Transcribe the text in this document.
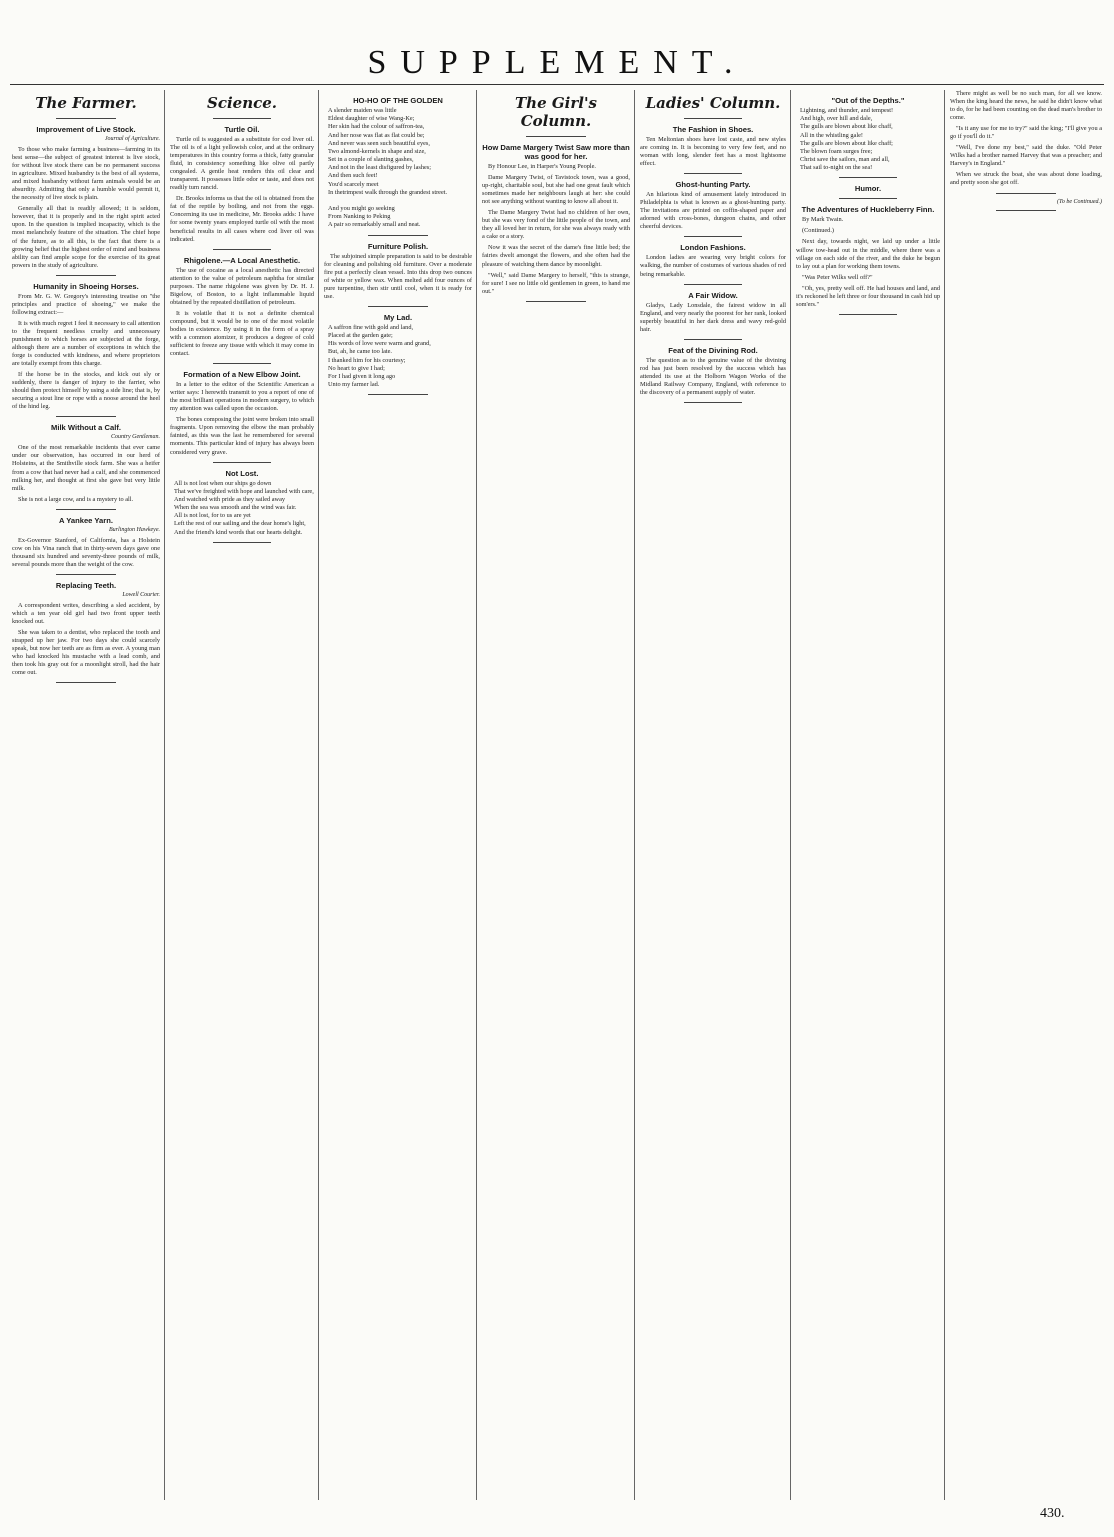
SUPPLEMENT.
The Farmer.
Improvement of Live Stock.
Journal of Agriculture.

To those who make farming a business—farming in its best sense—the subject of greatest interest is live stock, for without live stock there can be no permanent success in agriculture. Mixed husbandry is the best of all systems, and mixed husbandry without farm animals would be an absurdity. Admitting that only a humble would permit it, the necessity of live stock is plain.

Generally all that is readily allowed; it is seldom, however, that it is properly and in the right spirit acted upon. In the question is implied incapacity, which is the most melancholy feature of the situation. The chief hope of the future, as to all this, is the fact that there is a growing belief that the highest order of mind and business ability can find ample scope for the exercise of its great powers in the study of agriculture.

Humanity in Shoeing Horses.

From Mr. G. W. Gregory's interesting treatise on "the principles and practice of shoeing," we make the following extract:—

It is with much regret I feel it necessary to call attention to the frequent needless cruelty and unnecessary punishment to which horses are subjected at the forge, although there are a number of exceptions in which the forge is conducted with kindness, and where proprietors are totally exempt from this charge.

If the horse be in the stocks, and kick out sly or suddenly, there is danger of injury to the farrier, who should then protect himself by using a side line; that is, by securing a stout line or rope with a noose around the heel of the hind leg.

Milk Without a Calf.
Country Gentleman.

One of the most remarkable incidents that ever came under our observation, has occurred in our herd of Holsteins, at the Smithville stock farm. She was a heifer from a cow that had never had a calf, and she commenced milking her, and thought at first she gave but very little milk.

She is not a large cow, and is a mystery to all.

A Yankee Yarn.
Burlington Hawkeye.

Ex-Governor Stanford, of California, has a Holstein cow on his Vina ranch that in thirty-seven days gave one thousand six hundred and seventy-three pounds of milk, several pounds more than the weight of the cow.

Replacing Teeth.
Lowell Courier.

A correspondent writes, describing a sled accident, by which a ten year old girl had two front upper teeth knocked out.

She was taken to a dentist, who replaced the tooth and strapped up her jaw. For two days she could scarcely speak, but now her teeth are as firm as ever. A young man who had knocked his mustache with a lead comb, and then took his gray out for a moonlight stroll, had the hair come out.

Science.
Turtle Oil.

Turtle oil is suggested as a substitute for cod liver oil. The oil is of a light yellowish color, and at the ordinary temperatures in this country forms a thick, fatty granular fluid, in consistency something like olive oil partly congealed. A gentle heat renders this oil clear and transparent. It possesses little odor or taste, and does not readily turn rancid.

Dr. Brooks informs us that the oil is obtained from the fat of the reptile by boiling, and not from the eggs. Concerning its use in medicine, Mr. Brooks adds: I have for some twenty years employed turtle oil with the most beneficial results in all cases where cod liver oil was indicated.

Rhigolene.—A Local Anesthetic.

The use of cocaine as a local anesthetic has directed attention to the value of petroleum naphtha for similar purposes. The name rhigolene was given by Dr. H. J. Bigelow, of Boston, to a light inflammable liquid obtained by the repeated distillation of petroleum.

It is volatile that it is not a definite chemical compound, but it would be to one of the most volatile bodies in existence. By using it in the form of a spray with a common atomizer, it produces a degree of cold sufficient to freeze any tissue with which it may come in contact.

Formation of a New Elbow Joint.

In a letter to the editor of the Scientific American a writer says: I herewith transmit to you a report of one of the most brilliant operations in modern surgery, to which my attention was called upon the occasion.

The bones composing the joint were broken into small fragments. Upon removing the elbow the man probably fainted, as this was the last he remembered for several moments. This particular kind of injury has always been considered very grave.

Not Lost.
All is not lost when our ships go down
That we've freighted with hope and launched with care,
And watched with pride as they sailed away
When the sea was smooth and the wind was fair.
All is not lost, for to us are yet
Left the rest of our sailing and the dear home's light,
And the friend's kind words that our hearts delight.
HO-HO OF THE GOLDEN
A slender maiden was little
Eldest daughter of wise Wang-Ke;
Her skin had the colour of saffron-tea,
And her nose was flat as flat could be;
And never was seen such beautiful eyes,
Two almond-kernels in shape and size,
Set in a couple of slanting gashes,
And not in the least disfigured by lashes;
And then such feet!
You'd scarcely meet
In thetrimpest walk through the grandest street.

And you might go seeking
From Nanking to Peking
A pair so remarkably small and neat.
Furniture Polish.

The subjoined simple preparation is said to be desirable for cleaning and polishing old furniture. Over a moderate fire put a perfectly clean vessel. Into this drop two ounces of white or yellow wax. When melted add four ounces of pure turpentine, then stir until cool, when it is ready for use.

My Lad.
A saffron fine with gold and land,
Placed at the garden gate;
His words of love were warm and grand,
But, ah, he came too late.
I thanked him for his courtesy;
No heart to give I had;
For I had given it long ago
Unto my farmer lad.
The Girl's Column.
How Dame Margery Twist Saw more than was good for her.

By Honour Lee, in Harper's Young People.

Dame Margery Twist, of Tavistock town, was a good, up-right, charitable soul, but she had one great fault which sometimes made her neighbours laugh at her: she could not see anything without wanting to know all about it.

The Dame Margery Twist had no children of her own, but she was very fond of the little people of the town, and they all loved her in return, for she was always ready with a cake or a story.

Now it was the secret of the dame's fine little bed; the fairies dwelt amongst the flowers, and she often had the pleasure of watching them dance by moonlight.

"Well," said Dame Margery to herself, "this is strange, for sure! I see no little old gentlemen in green, to hand me out."

Ladies' Column.
The Fashion in Shoes.

Ten Meltonian shoes have lost caste, and new styles are coming in. It is becoming to very few feet, and no woman with long, slender feet has a most lightsome effect.

Ghost-hunting Party.

An hilarious kind of amusement lately introduced in Philadelphia is what is known as a ghost-hunting party. The invitations are printed on coffin-shaped paper and adorned with cross-bones, dungeon chains, and other cheerful devices.

London Fashions.

London ladies are wearing very bright colors for walking, the number of costumes of various shades of red being remarkable.

A Fair Widow.

Gladys, Lady Lonsdale, the fairest widow in all England, and very nearly the poorest for her rank, looked superbly beautiful in her dark dress and wavy red-gold hair.

Feat of the Divining Rod.

The question as to the genuine value of the divining rod has just been resolved by the success which has attended its use at the Holborn Wagon Works of the Midland Railway Company, England, with reference to the discovery of a permanent supply of water.

"Out of the Depths."
Lightning, and thunder, and tempest!
And high, over hill and dale,
The gulls are blown about like chaff,
All in the whistling gale!
The gulls are blown about like chaff;
The blown foam surges free;
Christ save the sailors, man and all,
That sail to-night on the sea!
Humor.
The Adventures of Huckleberry Finn.

By Mark Twain.

(Continued.)

Next day, towards night, we laid up under a little willow tow-head out in the middle, where there was a village on each side of the river, and the duke he begun to lay out a plan for working them towns.

"Was Peter Wilks well off?"

"Oh, yes, pretty well off. He had houses and land, and it's reckoned he left three or four thousand in cash hid up som'ers."

There might as well be no such man, for all we know. When the king heard the news, he said he didn't know what to do, for he had been counting on the dead man's brother to come.

"Is it any use for me to try?" said the king; "I'll give you a go if you'll do it."

"Well, I've done my best," said the duke. "Old Peter Wilks had a brother named Harvey that was a preacher; and Harvey's in England."

When we struck the boat, she was about done loading, and pretty soon she got off.

(To be Continued.)
430.
